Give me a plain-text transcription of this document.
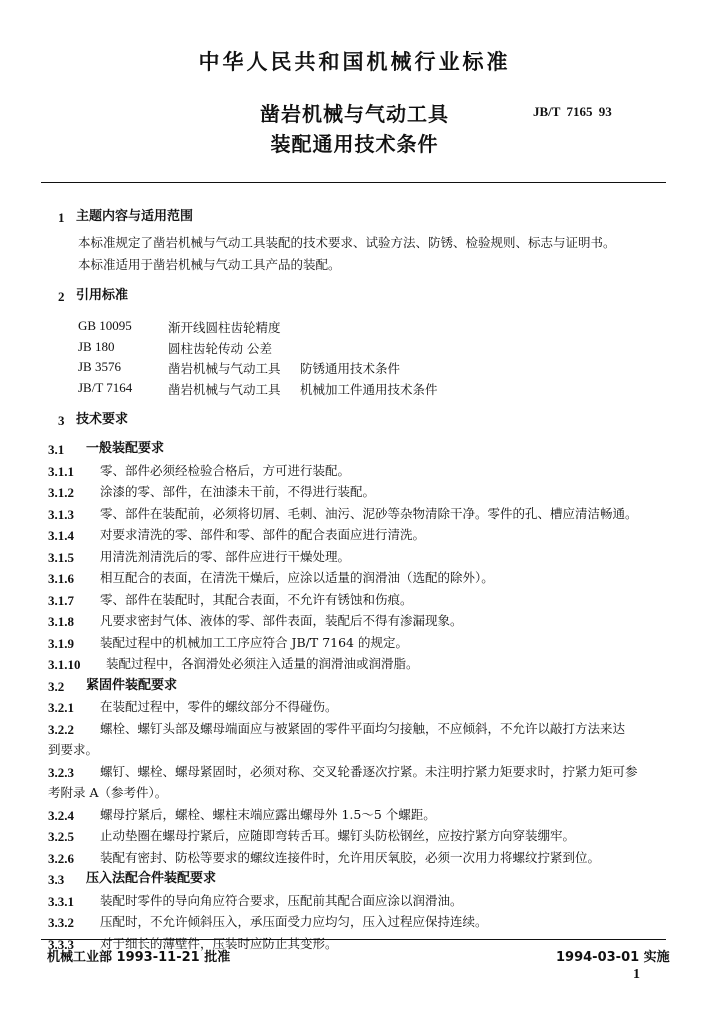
中华人民共和国机械行业标准
凿岩机械与气动工具
装配通用技术条件
JB/T 7165 93
1 主题内容与适用范围
本标准规定了凿岩机械与气动工具装配的技术要求、试验方法、防锈、检验规则、标志与证明书。
本标准适用于凿岩机械与气动工具产品的装配。
2 引用标准
GB 10095	渐开线圆柱齿轮精度
JB 180	圆柱齿轮传动 公差
JB 3576	凿岩机械与气动工具 防锈通用技术条件
JB/T 7164	凿岩机械与气动工具 机械加工件通用技术条件
3 技术要求
3.1 一般装配要求
3.1.1 零、部件必须经检验合格后，方可进行装配。
3.1.2 涂漆的零、部件，在油漆未干前，不得进行装配。
3.1.3 零、部件在装配前，必须将切屑、毛刺、油污、泥砂等杂物清除干净。零件的孔、槽应清洁畅通。
3.1.4 对要求清洗的零、部件和零、部件的配合表面应进行清洗。
3.1.5 用清洗剂清洗后的零、部件应进行干燥处理。
3.1.6 相互配合的表面，在清洗干燥后，应涂以适量的润滑油（选配的除外）。
3.1.7 零、部件在装配时，其配合表面，不允许有锈蚀和伤痕。
3.1.8 凡要求密封气体、液体的零、部件表面，装配后不得有渗漏现象。
3.1.9 装配过程中的机械加工工序应符合 JB/T 7164 的规定。
3.1.10 装配过程中，各润滑处必须注入适量的润滑油或润滑脂。
3.2 紧固件装配要求
3.2.1 在装配过程中，零件的螺纹部分不得碰伤。
3.2.2 螺栓、螺钉头部及螺母端面应与被紧固的零件平面均匀接触，不应倾斜，不允许以敲打方法来达
到要求。
3.2.3 螺钉、螺栓、螺母紧固时，必须对称、交叉轮番逐次拧紧。未注明拧紧力矩要求时，拧紧力矩可参
考附录 A（参考件）。
3.2.4 螺母拧紧后，螺栓、螺柱末端应露出螺母外 1.5～5 个螺距。
3.2.5 止动垫圈在螺母拧紧后，应随即弯转舌耳。螺钉头防松钢丝，应按拧紧方向穿装绷牢。
3.2.6 装配有密封、防松等要求的螺纹连接件时，允许用厌氧胶，必须一次用力将螺纹拧紧到位。
3.3 压入法配合件装配要求
3.3.1 装配时零件的导向角应符合要求，压配前其配合面应涂以润滑油。
3.3.2 压配时，不允许倾斜压入，承压面受力应均匀，压入过程应保持连续。
3.3.3 对于细长的薄壁件，压装时应防止其变形。
机械工业部 1993-11-21 批准	1994-03-01 实施
1
